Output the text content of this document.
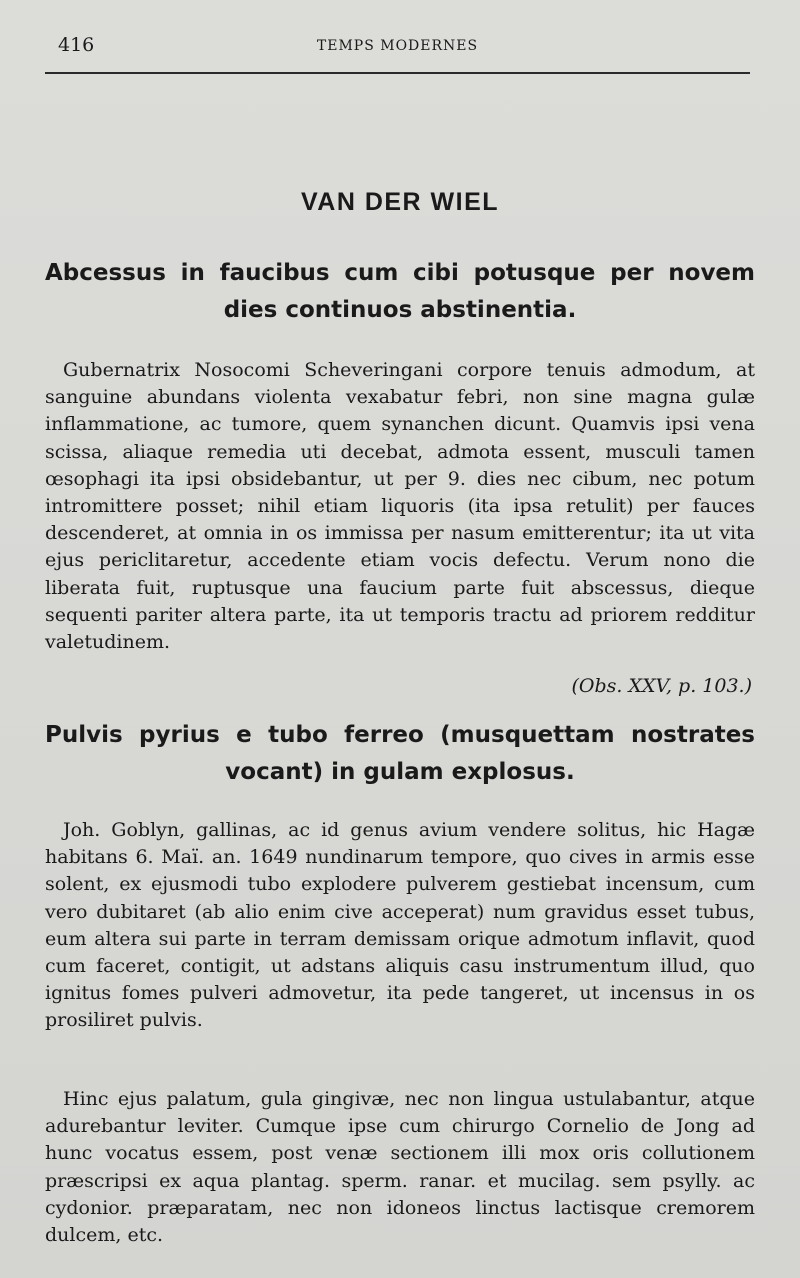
416	TEMPS MODERNES
VAN DER WIEL
Abcessus in faucibus cum cibi potusque per novem dies continuos abstinentia.

Gubernatrix Nosocomi Scheveringani corpore tenuis admodum, at sanguine abundans violenta vexabatur febri, non sine magna gulæ inflammatione, ac tumore, quem synanchen dicunt. Quamvis ipsi vena scissa, aliaque remedia uti decebat, admota essent, musculi tamen œsophagi ita ipsi obsidebantur, ut per 9. dies nec cibum, nec potum intromittere posset; nihil etiam liquoris (ita ipsa retulit) per fauces descenderet, at omnia in os immissa per nasum emitterentur; ita ut vita ejus periclitaretur, accedente etiam vocis defectu. Verum nono die liberata fuit, ruptusque una faucium parte fuit abscessus, dieque sequenti pariter altera parte, ita ut temporis tractu ad priorem redditur valetudinem.

(Obs. XXV, p. 103.)
Pulvis pyrius e tubo ferreo (musquettam nostrates vocant) in gulam explosus.

Joh. Goblyn, gallinas, ac id genus avium vendere solitus, hic Hagæ habitans 6. Maï. an. 1649 nundinarum tempore, quo cives in armis esse solent, ex ejusmodi tubo explodere pulverem gestiebat incensum, cum vero dubitaret (ab alio enim cive acceperat) num gravidus esset tubus, eum altera sui parte in terram demissam orique admotum inflavit, quod cum faceret, contigit, ut adstans aliquis casu instrumentum illud, quo ignitus fomes pulveri admovetur, ita pede tangeret, ut incensus in os prosiliret pulvis.

Hinc ejus palatum, gula gingivæ, nec non lingua ustulabantur, atque adurebantur leviter. Cumque ipse cum chirurgo Cornelio de Jong ad hunc vocatus essem, post venæ sectionem illi mox oris collutionem præscripsi ex aqua plantag. sperm. ranar. et mucilag. sem psylly. ac cydonior. præparatam, nec non idoneos linctus lactisque cremorem dulcem, etc.
